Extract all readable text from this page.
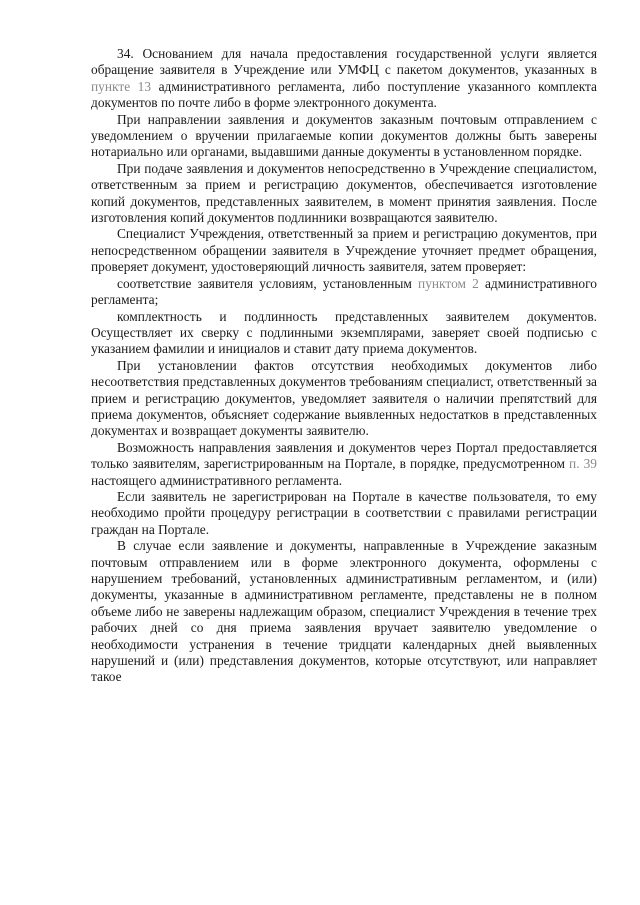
34. Основанием для начала предоставления государственной услуги является обращение заявителя в Учреждение или УМФЦ с пакетом документов, указанных в пункте 13 административного регламента, либо поступление указанного комплекта документов по почте либо в форме электронного документа.

При направлении заявления и документов заказным почтовым отправлением с уведомлением о вручении прилагаемые копии документов должны быть заверены нотариально или органами, выдавшими данные документы в установленном порядке.

При подаче заявления и документов непосредственно в Учреждение специалистом, ответственным за прием и регистрацию документов, обеспечивается изготовление копий документов, представленных заявителем, в момент принятия заявления. После изготовления копий документов подлинники возвращаются заявителю.

Специалист Учреждения, ответственный за прием и регистрацию документов, при непосредственном обращении заявителя в Учреждение уточняет предмет обращения, проверяет документ, удостоверяющий личность заявителя, затем проверяет:

соответствие заявителя условиям, установленным пунктом 2 административного регламента;

комплектность и подлинность представленных заявителем документов. Осуществляет их сверку с подлинными экземплярами, заверяет своей подписью с указанием фамилии и инициалов и ставит дату приема документов.

При установлении фактов отсутствия необходимых документов либо несоответствия представленных документов требованиям специалист, ответственный за прием и регистрацию документов, уведомляет заявителя о наличии препятствий для приема документов, объясняет содержание выявленных недостатков в представленных документах и возвращает документы заявителю.

Возможность направления заявления и документов через Портал предоставляется только заявителям, зарегистрированным на Портале, в порядке, предусмотренном п. 39 настоящего административного регламента.

Если заявитель не зарегистрирован на Портале в качестве пользователя, то ему необходимо пройти процедуру регистрации в соответствии с правилами регистрации граждан на Портале.

В случае если заявление и документы, направленные в Учреждение заказным почтовым отправлением или в форме электронного документа, оформлены с нарушением требований, установленных административным регламентом, и (или) документы, указанные в административном регламенте, представлены не в полном объеме либо не заверены надлежащим образом, специалист Учреждения в течение трех рабочих дней со дня приема заявления вручает заявителю уведомление о необходимости устранения в течение тридцати календарных дней выявленных нарушений и (или) представления документов, которые отсутствуют, или направляет такое
